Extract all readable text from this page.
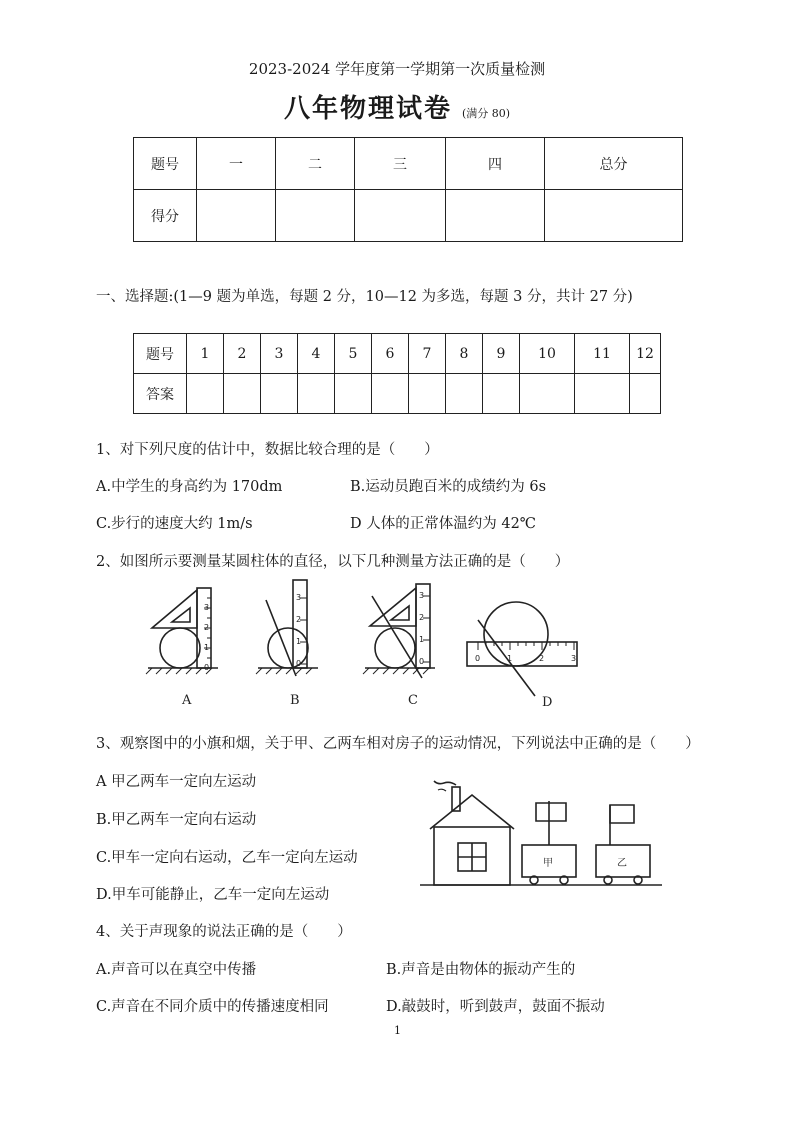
2023-2024 学年度第一学期第一次质量检测
八年物理试卷 (满分 80)
题号	一	二	三	四	总分
得分					
一、选择题:(1—9 题为单选，每题 2 分，10—12 为多选，每题 3 分，共计 27 分)
题号	1	2	3	4	5	6	7	8	9	10	11	12
答案												
1、对下列尺度的估计中，数据比较合理的是（　　）
A.中学生的身高约为 170dm	B.运动员跑百米的成绩约为 6s
C.步行的速度大约 1m/s	D 人体的正常体温约为 42℃
2、如图所示要测量某圆柱体的直径，以下几种测量方法正确的是（　　）
0
1
2
3
0
1
2
3
0
1
2
3
0	1	2	3
A	B	C	D
3、观察图中的小旗和烟，关于甲、乙两车相对房子的运动情况，下列说法中正确的是（　　）
A 甲乙两车一定向左运动
B.甲乙两车一定向右运动
C.甲车一定向右运动，乙车一定向左运动
D.甲车可能静止，乙车一定向左运动
甲	乙
4、关于声现象的说法正确的是（　　）
A.声音可以在真空中传播	B.声音是由物体的振动产生的
C.声音在不同介质中的传播速度相同	D.敲鼓时，听到鼓声，鼓面不振动
1
